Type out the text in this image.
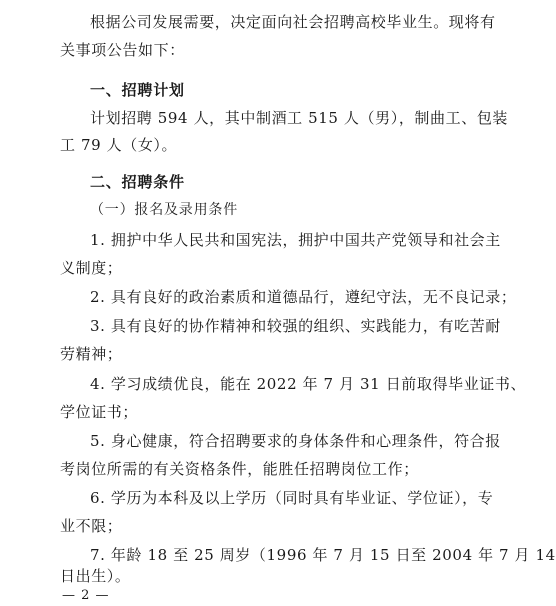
根据公司发展需要，决定面向社会招聘高校毕业生。现将有
关事项公告如下：
一、招聘计划
计划招聘 594 人，其中制酒工 515 人（男），制曲工、包装
工 79 人（女）。
二、招聘条件
（一）报名及录用条件
1. 拥护中华人民共和国宪法，拥护中国共产党领导和社会主
义制度；
2. 具有良好的政治素质和道德品行，遵纪守法，无不良记录；
3. 具有良好的协作精神和较强的组织、实践能力，有吃苦耐
劳精神；
4. 学习成绩优良，能在 2022 年 7 月 31 日前取得毕业证书、
学位证书；
5. 身心健康，符合招聘要求的身体条件和心理条件，符合报
考岗位所需的有关资格条件，能胜任招聘岗位工作；
6. 学历为本科及以上学历（同时具有毕业证、学位证），专
业不限；
7. 年龄 18 至 25 周岁（1996 年 7 月 15 日至 2004 年 7 月 14
— 2 —
日出生）。
